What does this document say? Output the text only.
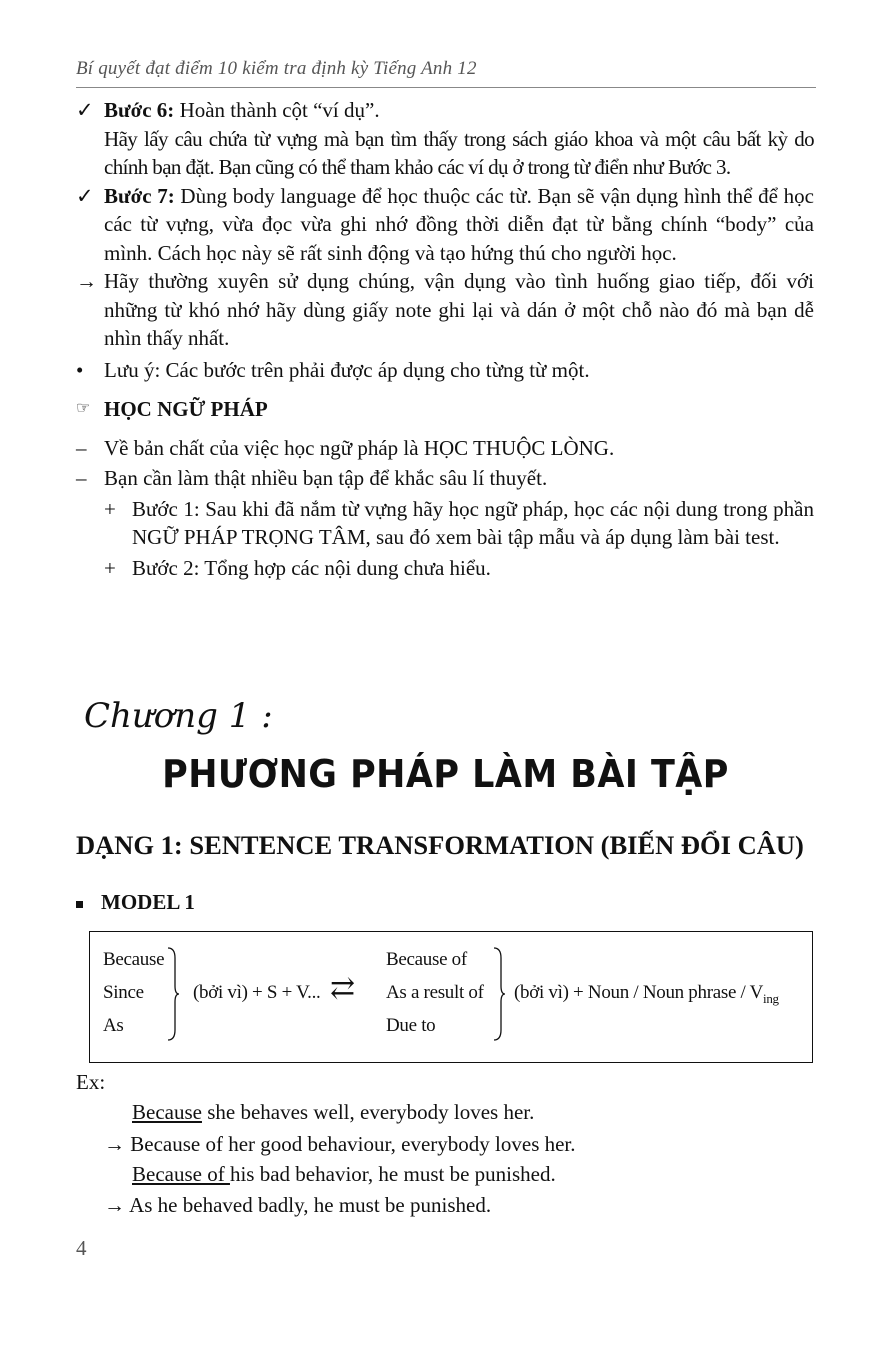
Bí quyết đạt điểm 10 kiểm tra định kỳ Tiếng Anh 12
✓ Bước 6: Hoàn thành cột “ví dụ”.
Hãy lấy câu chứa từ vựng mà bạn tìm thấy trong sách giáo khoa và một câu bất kỳ do chính bạn đặt. Bạn cũng có thể tham khảo các ví dụ ở trong từ điển như Bước 3.
✓ Bước 7: Dùng body language để học thuộc các từ. Bạn sẽ vận dụng hình thể để học các từ vựng, vừa đọc vừa ghi nhớ đồng thời diễn đạt từ bằng chính “body” của mình. Cách học này sẽ rất sinh động và tạo hứng thú cho người học.
→ Hãy thường xuyên sử dụng chúng, vận dụng vào tình huống giao tiếp, đối với những từ khó nhớ hãy dùng giấy note ghi lại và dán ở một chỗ nào đó mà bạn dễ nhìn thấy nhất.
• Lưu ý: Các bước trên phải được áp dụng cho từng từ một.
☞ HỌC NGỮ PHÁP
– Về bản chất của việc học ngữ pháp là HỌC THUỘC LÒNG.
– Bạn cần làm thật nhiều bạn tập để khắc sâu lí thuyết.
+ Bước 1: Sau khi đã nắm từ vựng hãy học ngữ pháp, học các nội dung trong phần NGỮ PHÁP TRỌNG TÂM, sau đó xem bài tập mẫu và áp dụng làm bài test.
+ Bước 2: Tổng hợp các nội dung chưa hiểu.
Chương 1 :
PHƯƠNG PHÁP LÀM BÀI TẬP
DẠNG 1: SENTENCE TRANSFORMATION (BIẾN ĐỔI CÂU)
MODEL 1
Because
Since
As
(bởi vì) + S + V... ⇄
Because of
As a result of
Due to
(bởi vì) + Noun / Noun phrase / $V_{ing}$
Ex:
Because she behaves well, everybody loves her.
→ Because of her good behaviour, everybody loves her.
Because of his bad behavior, he must be punished.
→ As he behaved badly, he must be punished.
4
